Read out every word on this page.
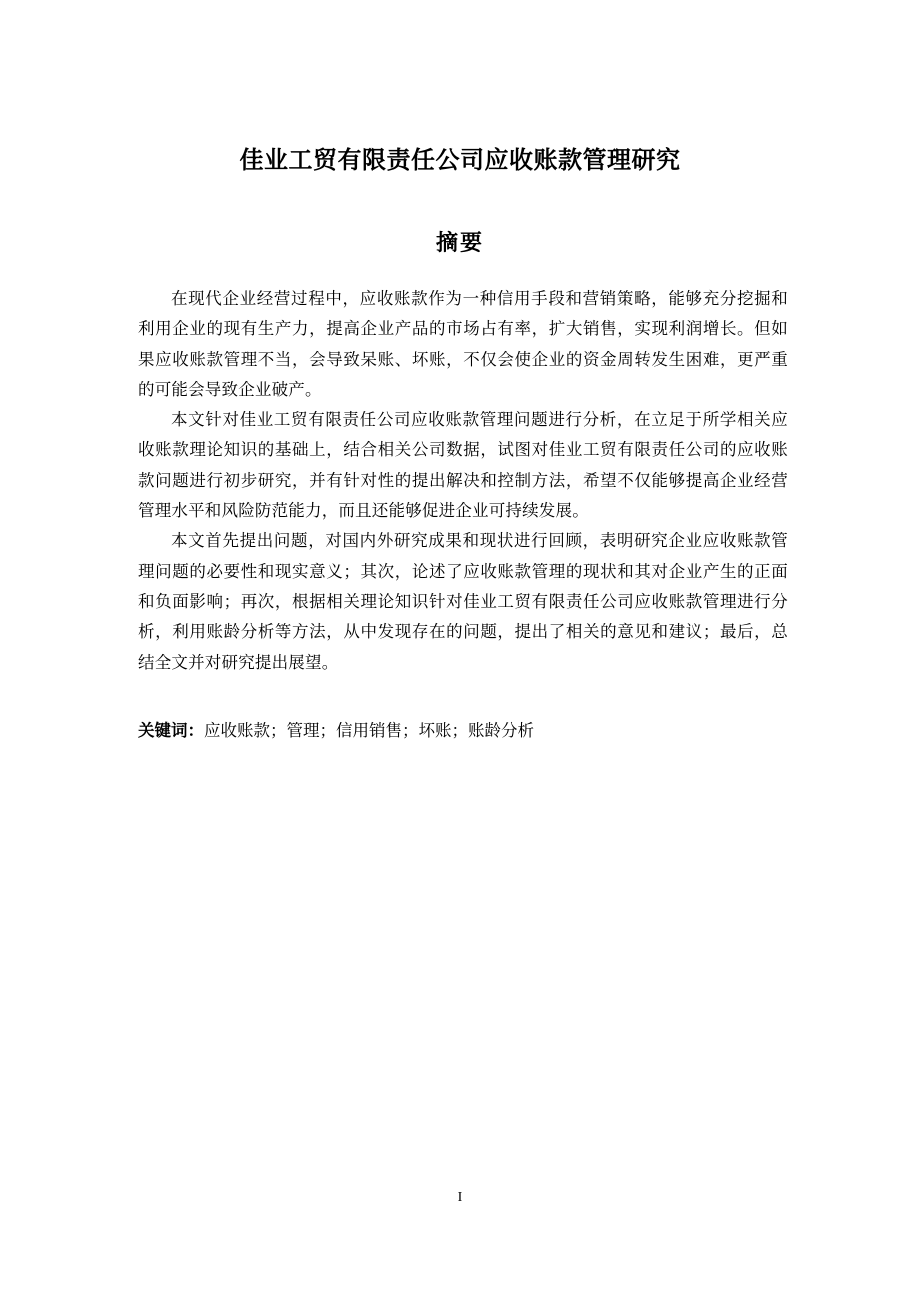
佳业工贸有限责任公司应收账款管理研究
摘要

在现代企业经营过程中，应收账款作为一种信用手段和营销策略，能够充分挖掘和利用企业的现有生产力，提高企业产品的市场占有率，扩大销售，实现利润增长。但如果应收账款管理不当，会导致呆账、坏账，不仅会使企业的资金周转发生困难，更严重的可能会导致企业破产。

本文针对佳业工贸有限责任公司应收账款管理问题进行分析，在立足于所学相关应收账款理论知识的基础上，结合相关公司数据，试图对佳业工贸有限责任公司的应收账款问题进行初步研究，并有针对性的提出解决和控制方法，希望不仅能够提高企业经营管理水平和风险防范能力，而且还能够促进企业可持续发展。

本文首先提出问题，对国内外研究成果和现状进行回顾，表明研究企业应收账款管理问题的必要性和现实意义；其次，论述了应收账款管理的现状和其对企业产生的正面和负面影响；再次，根据相关理论知识针对佳业工贸有限责任公司应收账款管理进行分析，利用账龄分析等方法，从中发现存在的问题，提出了相关的意见和建议；最后，总结全文并对研究提出展望。

关键词：应收账款；管理；信用销售；坏账；账龄分析
I
